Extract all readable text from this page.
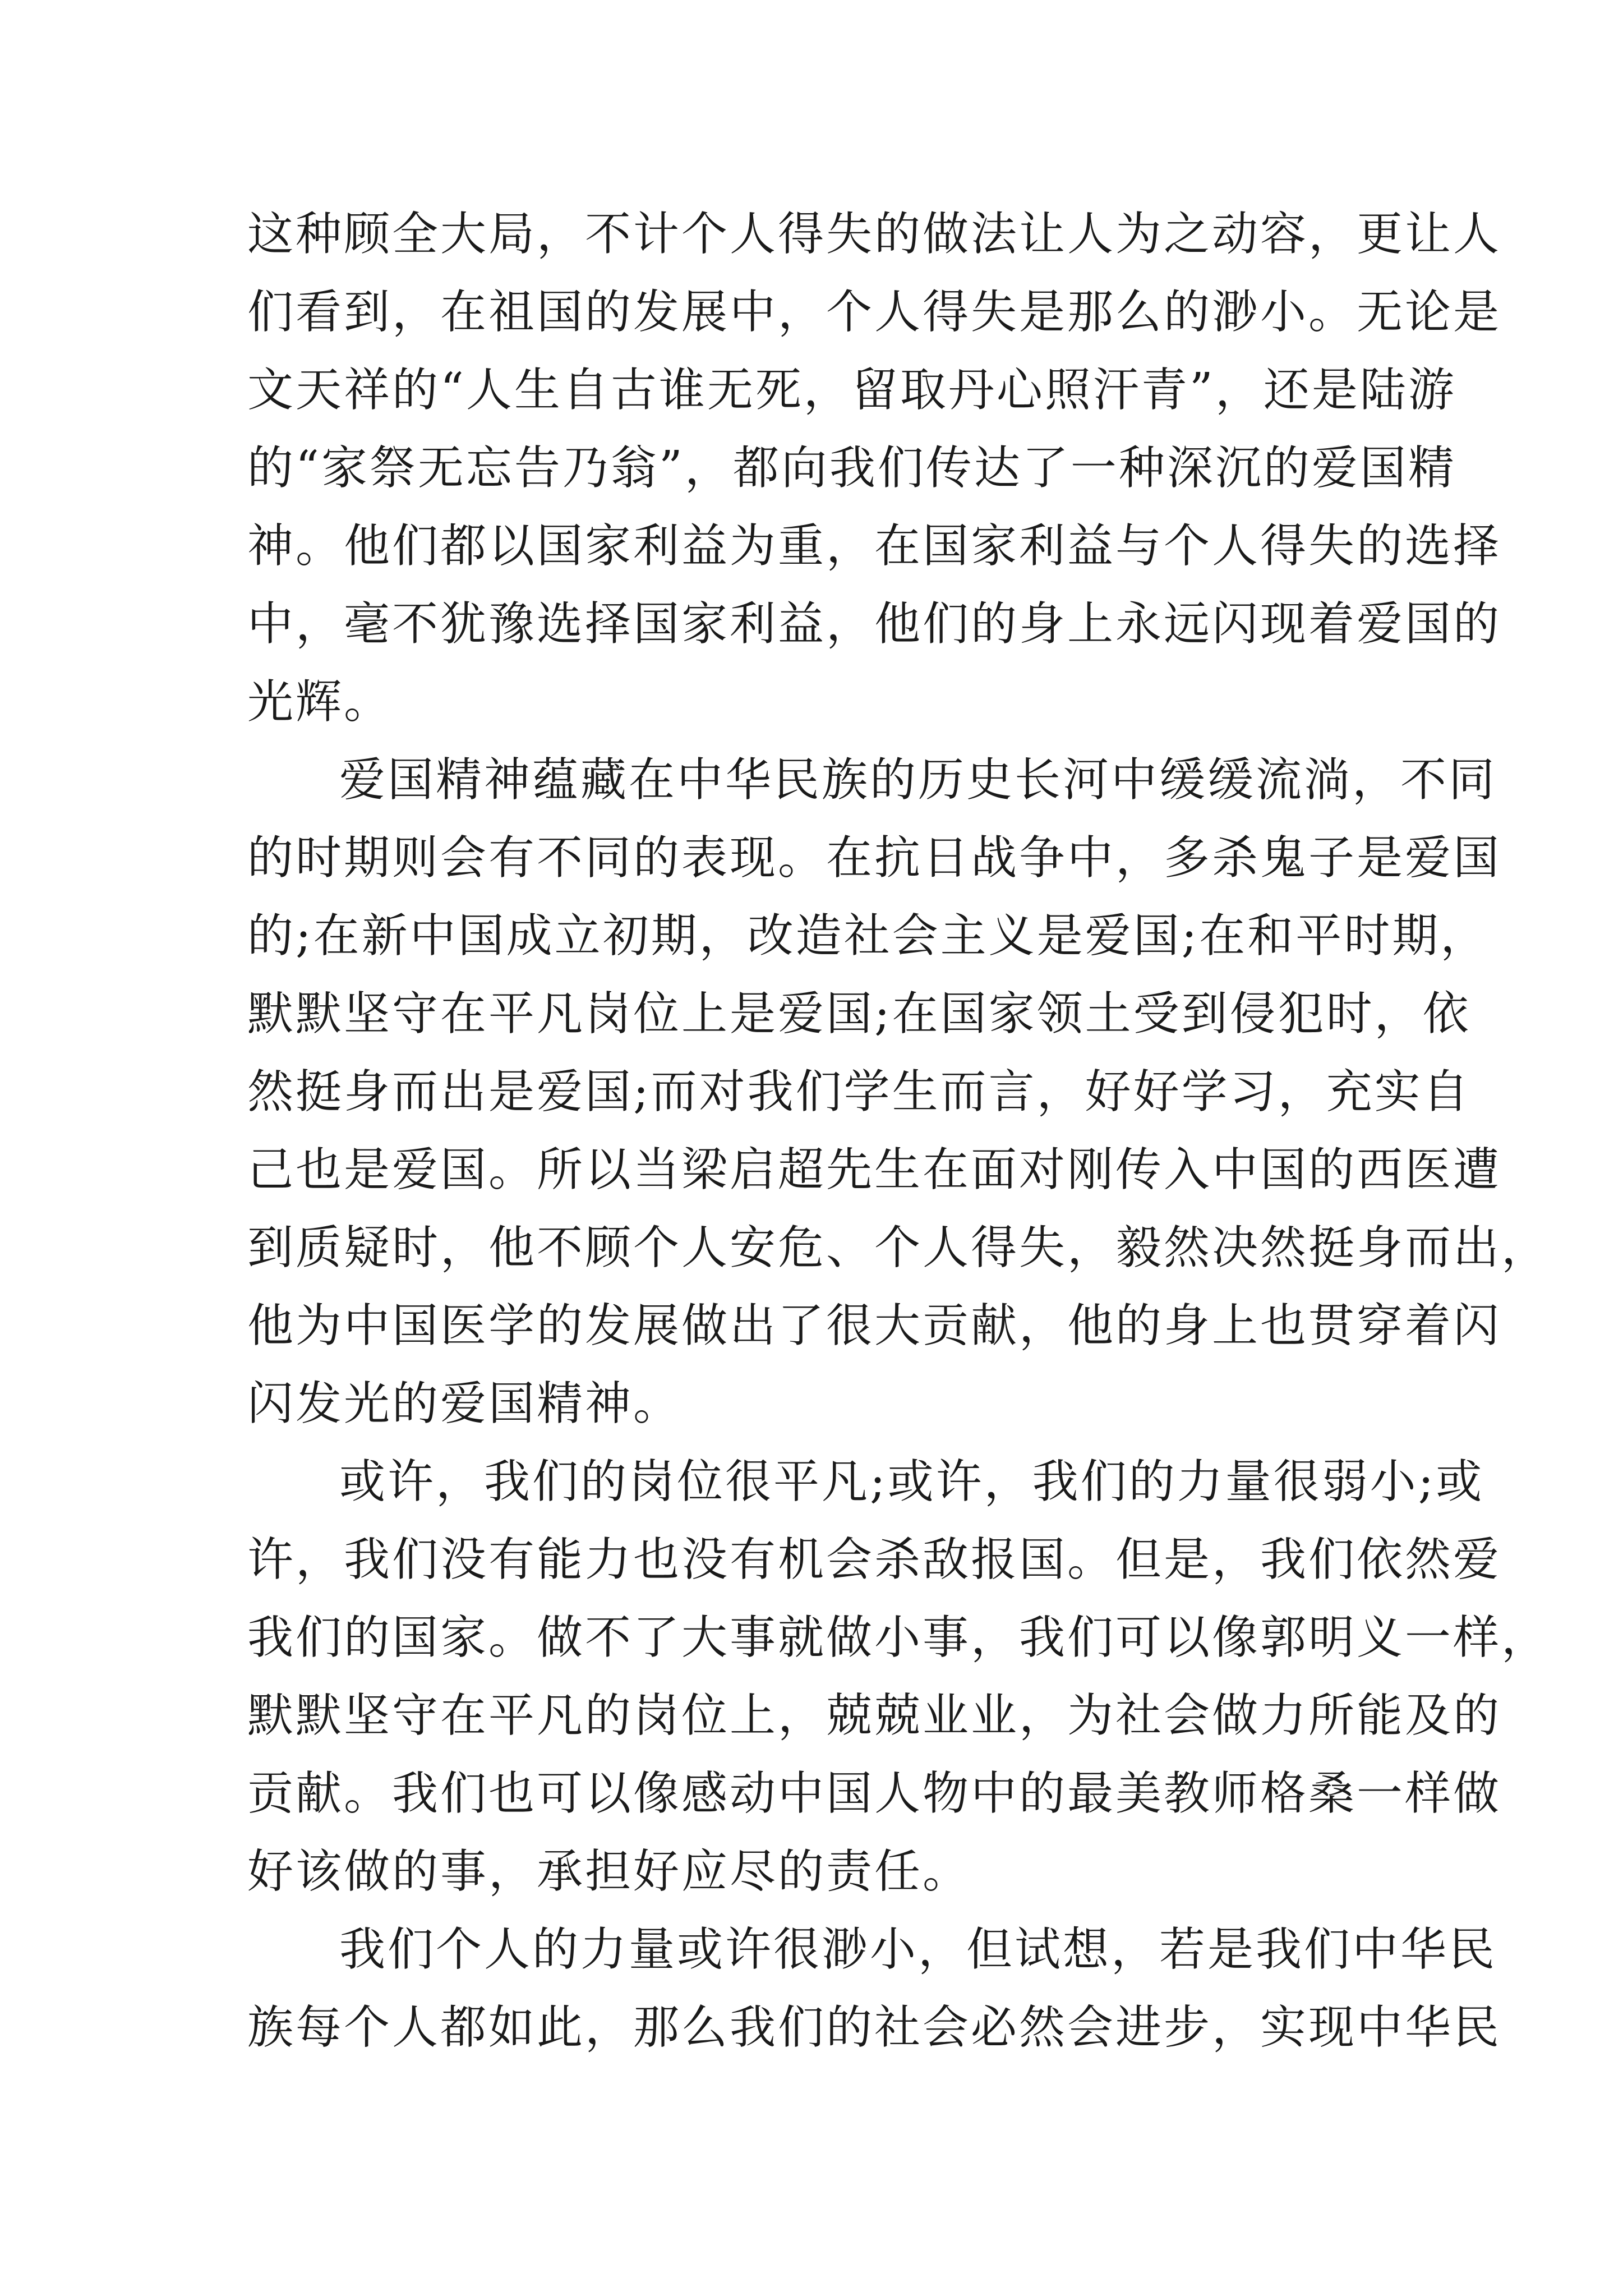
这种顾全大局，不计个人得失的做法让人为之动容，更让人
们看到，在祖国的发展中，个人得失是那么的渺小。无论是
文天祥的“人生自古谁无死，留取丹心照汗青”，还是陆游
的“家祭无忘告乃翁”，都向我们传达了一种深沉的爱国精
神。他们都以国家利益为重，在国家利益与个人得失的选择
中，毫不犹豫选择国家利益，他们的身上永远闪现着爱国的
光辉。
爱国精神蕴藏在中华民族的历史长河中缓缓流淌，不同
的时期则会有不同的表现。在抗日战争中，多杀鬼子是爱国
的;在新中国成立初期，改造社会主义是爱国;在和平时期，
默默坚守在平凡岗位上是爱国;在国家领土受到侵犯时，依
然挺身而出是爱国;而对我们学生而言，好好学习，充实自
己也是爱国。所以当梁启超先生在面对刚传入中国的西医遭
到质疑时，他不顾个人安危、个人得失，毅然决然挺身而出，
他为中国医学的发展做出了很大贡献，他的身上也贯穿着闪
闪发光的爱国精神。
或许，我们的岗位很平凡;或许，我们的力量很弱小;或
许，我们没有能力也没有机会杀敌报国。但是，我们依然爱
我们的国家。做不了大事就做小事，我们可以像郭明义一样，
默默坚守在平凡的岗位上，兢兢业业，为社会做力所能及的
贡献。我们也可以像感动中国人物中的最美教师格桑一样做
好该做的事，承担好应尽的责任。
我们个人的力量或许很渺小，但试想，若是我们中华民
族每个人都如此，那么我们的社会必然会进步，实现中华民
